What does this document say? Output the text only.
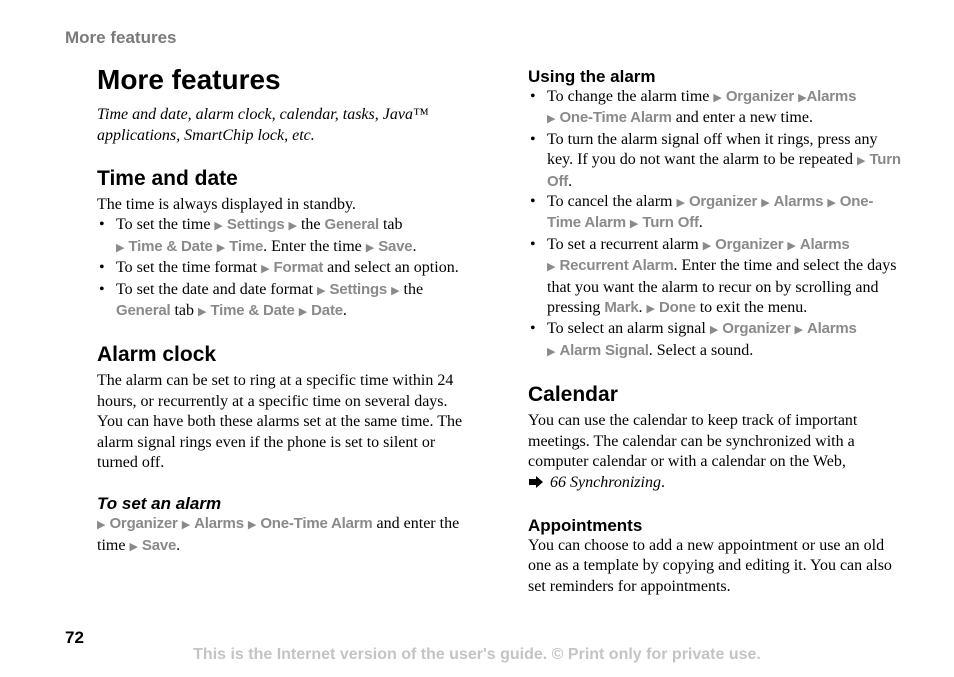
More features
More features

Time and date, alarm clock, calendar, tasks, Java™ applications, SmartChip lock, etc.

Time and date

The time is always displayed in standby.

• To set the time ▶ Settings ▶ the General tab
▶ Time & Date ▶ Time. Enter the time ▶ Save.
• To set the time format ▶ Format and select an option.
• To set the date and date format ▶ Settings ▶ the
General tab ▶ Time & Date ▶ Date.
Alarm clock

The alarm can be set to ring at a specific time within 24 hours, or recurrently at a specific time on several days. You can have both these alarms set at the same time. The alarm signal rings even if the phone is set to silent or turned off.

To set an alarm

▶ Organizer ▶ Alarms ▶ One-Time Alarm and enter the time ▶ Save.

Using the alarm
• To change the alarm time ▶ Organizer ▶Alarms
▶ One-Time Alarm and enter a new time.
• To turn the alarm signal off when it rings, press any key. If you do not want the alarm to be repeated ▶ Turn Off.
• To cancel the alarm ▶ Organizer ▶ Alarms ▶ One-Time Alarm ▶ Turn Off.
• To set a recurrent alarm ▶ Organizer ▶ Alarms
▶ Recurrent Alarm. Enter the time and select the days that you want the alarm to recur on by scrolling and pressing Mark. ▶ Done to exit the menu.
• To select an alarm signal ▶ Organizer ▶ Alarms
▶ Alarm Signal. Select a sound.
Calendar

You can use the calendar to keep track of important meetings. The calendar can be synchronized with a computer calendar or with a calendar on the Web,
66 Synchronizing.

Appointments

You can choose to add a new appointment or use an old one as a template by copying and editing it. You can also set reminders for appointments.

72
This is the Internet version of the user's guide. © Print only for private use.
